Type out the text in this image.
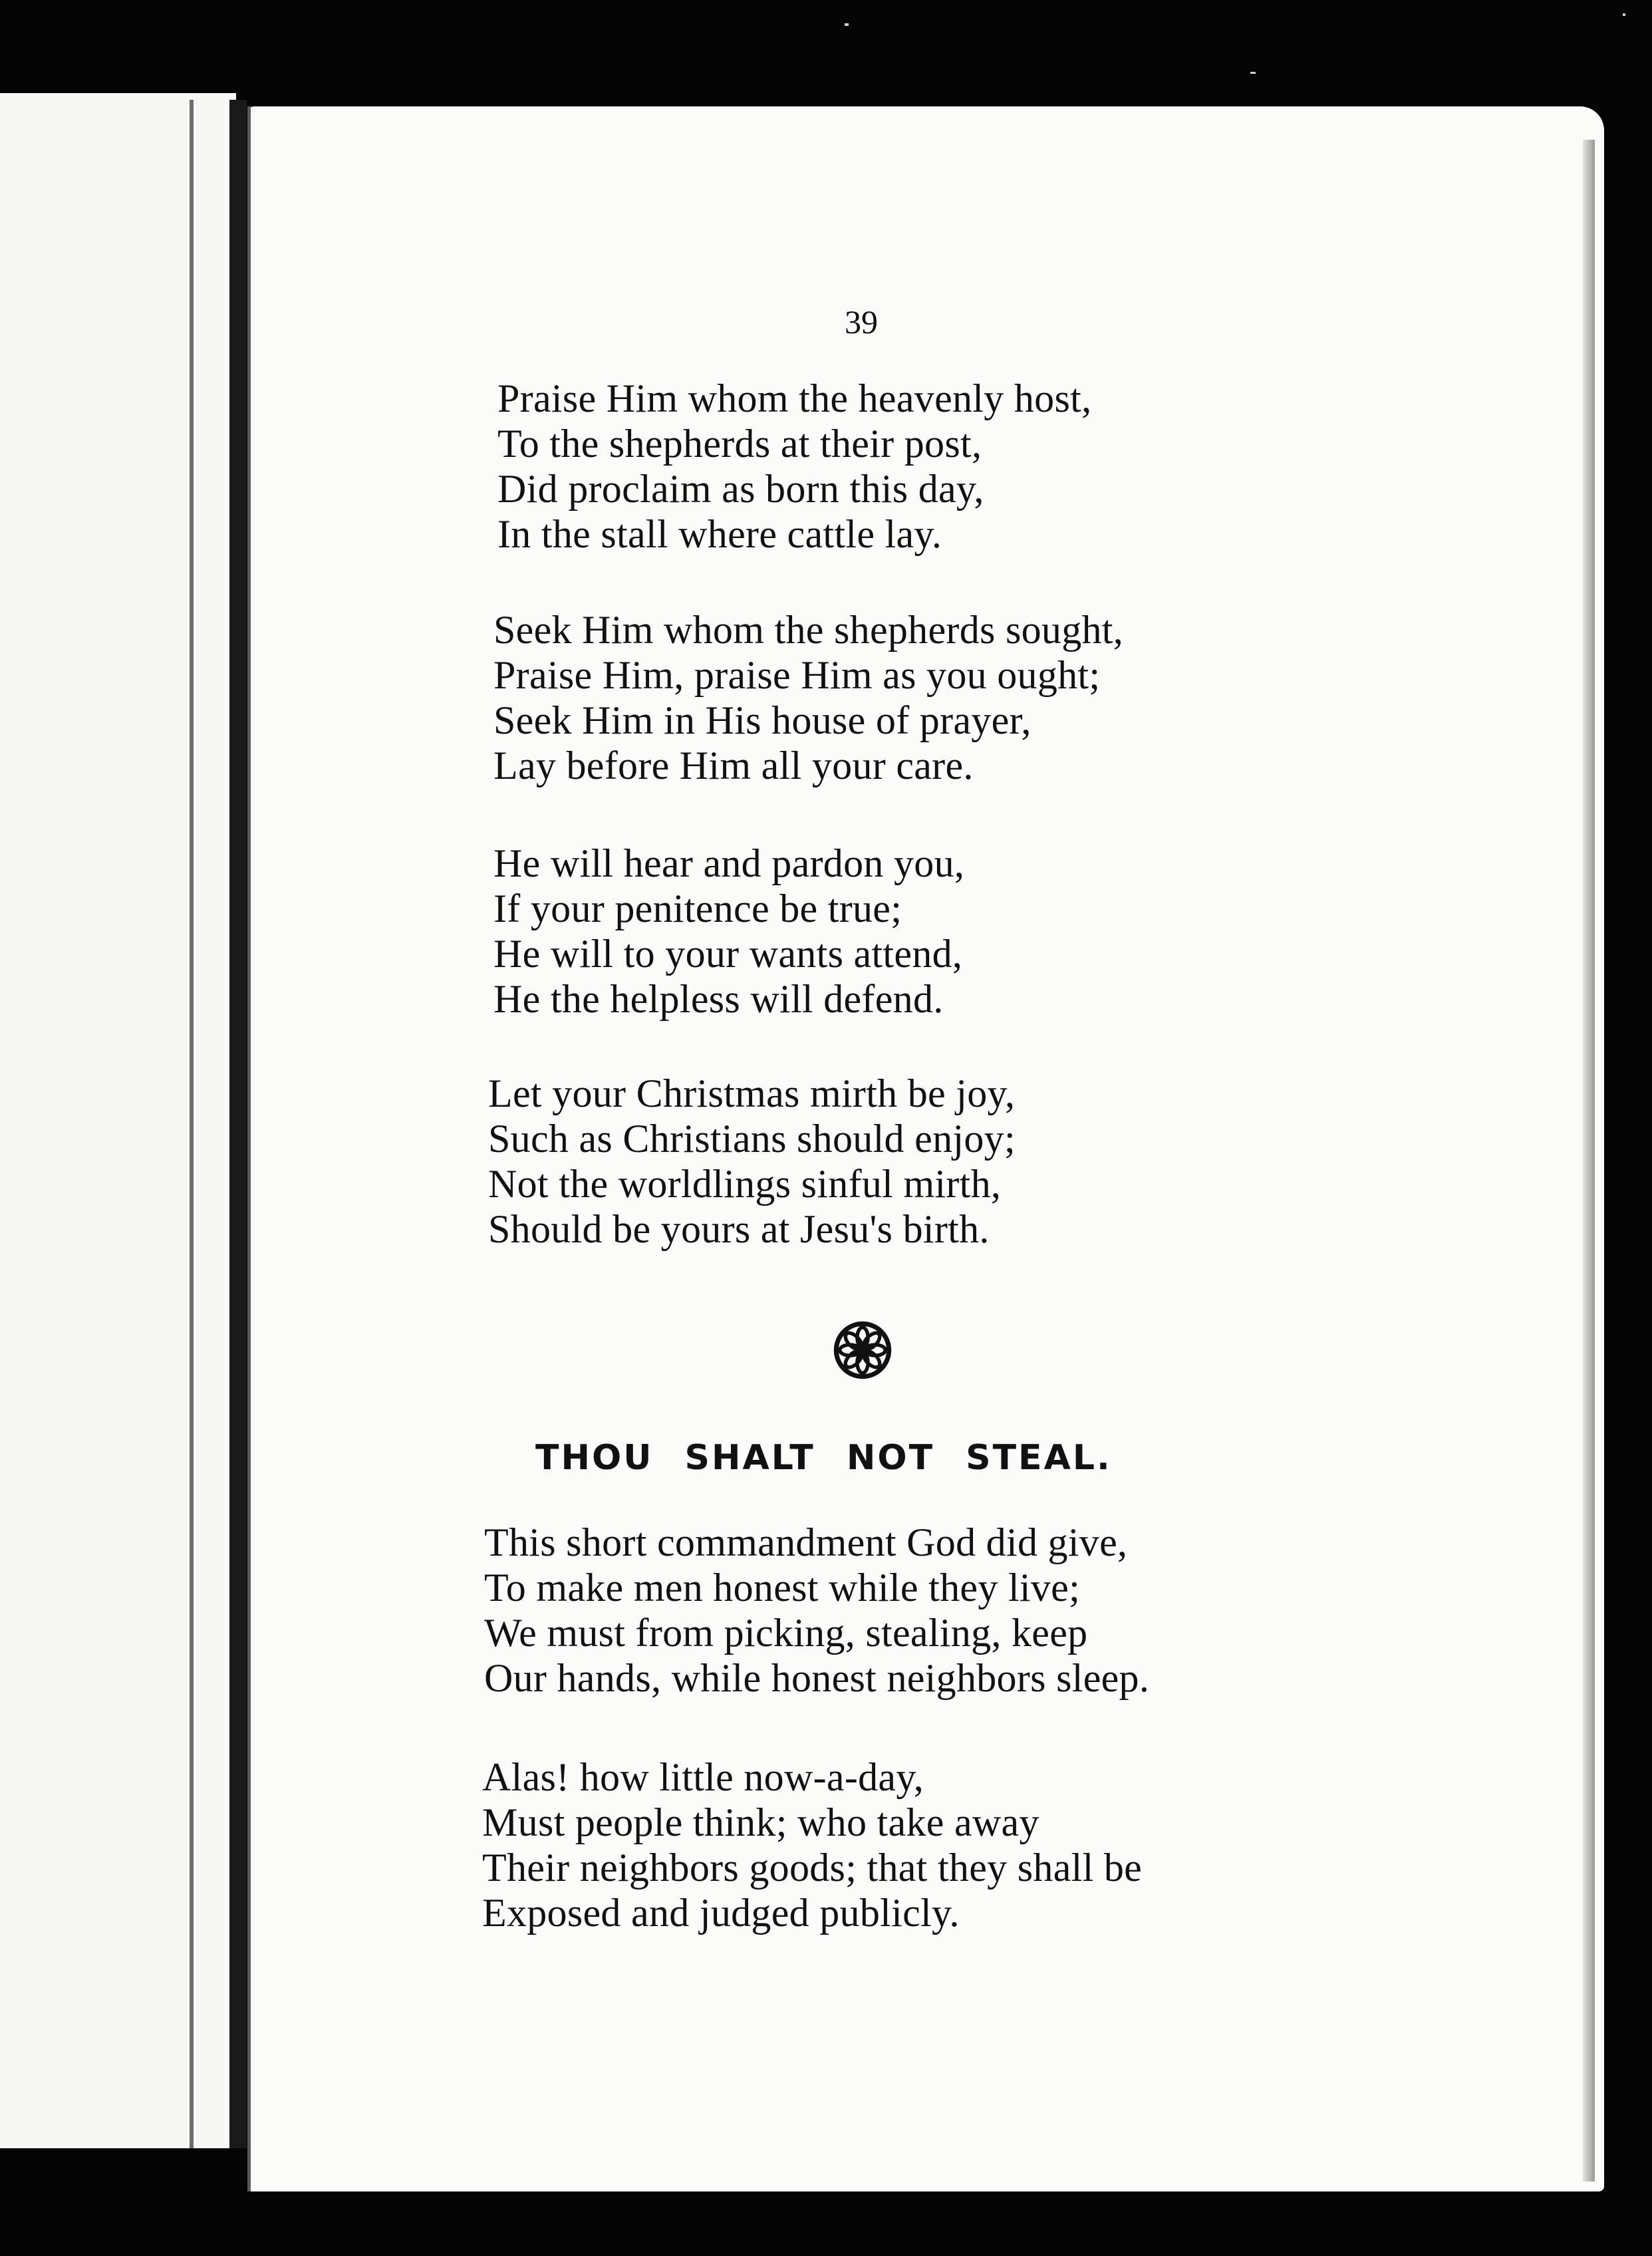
39
Praise Him whom the heavenly host,
To the shepherds at their post,
Did proclaim as born this day,
In the stall where cattle lay.
Seek Him whom the shepherds sought,
Praise Him, praise Him as you ought;
Seek Him in His house of prayer,
Lay before Him all your care.
He will hear and pardon you,
If your penitence be true;
He will to your wants attend,
He the helpless will defend.
Let your Christmas mirth be joy,
Such as Christians should enjoy;
Not the worldlings sinful mirth,
Should be yours at Jesu's birth.
THOU SHALT NOT STEAL.
This short commandment God did give,
To make men honest while they live;
We must from picking, stealing, keep
Our hands, while honest neighbors sleep.
Alas! how little now-a-day,
Must people think; who take away
Their neighbors goods; that they shall be
Exposed and judged publicly.
